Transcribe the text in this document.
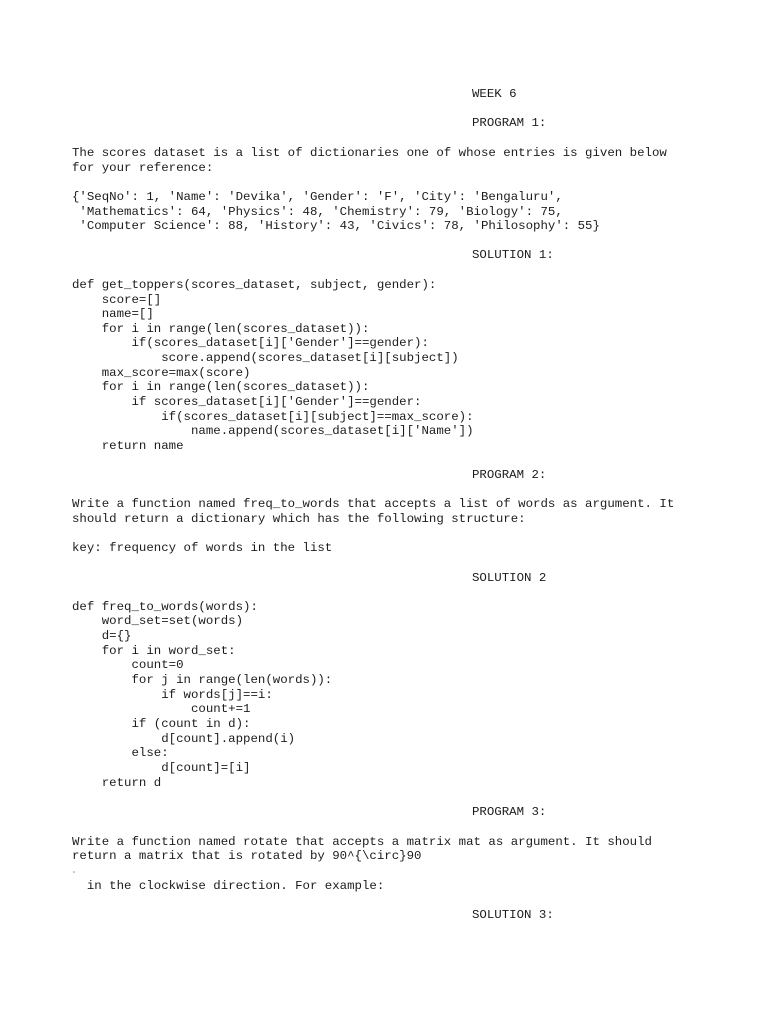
WEEK 6

PROGRAM 1:

The scores dataset is a list of dictionaries one of whose entries is given below

for your reference:

{'SeqNo': 1, 'Name': 'Devika', 'Gender': 'F', 'City': 'Bengaluru',

'Mathematics': 64, 'Physics': 48, 'Chemistry': 79, 'Biology': 75,

'Computer Science': 88, 'History': 43, 'Civics': 78, 'Philosophy': 55}

SOLUTION 1:

def get_toppers(scores_dataset, subject, gender):

score=[]

name=[]

for i in range(len(scores_dataset)):

if(scores_dataset[i]['Gender']==gender):

score.append(scores_dataset[i][subject])

max_score=max(score)

for i in range(len(scores_dataset)):

if scores_dataset[i]['Gender']==gender:

if(scores_dataset[i][subject]==max_score):

name.append(scores_dataset[i]['Name'])

return name

PROGRAM 2:

Write a function named freq_to_words that accepts a list of words as argument. It

should return a dictionary which has the following structure:

key: frequency of words in the list

SOLUTION 2

def freq_to_words(words):

word_set=set(words)

d={}

for i in word_set:

count=0

for j in range(len(words)):

if words[j]==i:

count+=1

if (count in d):

d[count].append(i)

else:

d[count]=[i]

return d

PROGRAM 3:

Write a function named rotate that accepts a matrix mat as argument. It should

return a matrix that is rotated by 90^{\circ}90

∘

in the clockwise direction. For example:

SOLUTION 3:
